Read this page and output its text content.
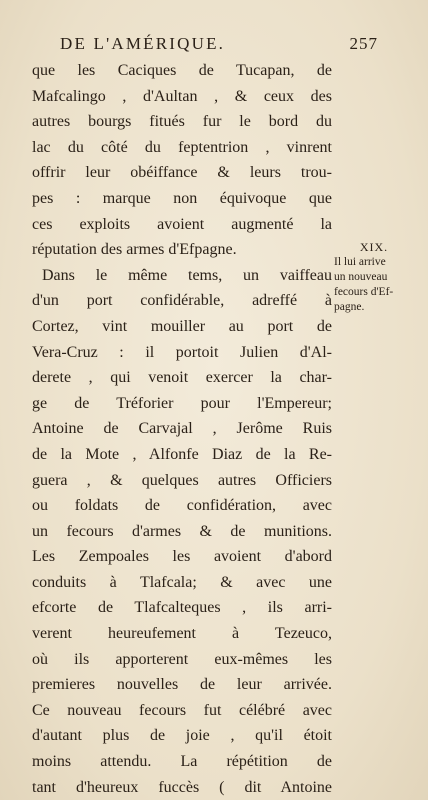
DE L'AMÉRIQUE.	257
que les Caciques de Tucapan, de
Mafcalingo , d'Aultan , & ceux des
autres bourgs fitués fur le bord du
lac du côté du feptentrion , vinrent
offrir leur obéiffance & leurs trou-
pes : marque non équivoque que
ces exploits avoient augmenté la
réputation des armes d'Efpagne.
Dans le même tems, un vaiffeau
d'un port confidérable, adreffé à
Cortez, vint mouiller au port de
Vera-Cruz : il portoit Julien d'Al-
derete , qui venoit exercer la char-
ge de Tréforier pour l'Empereur;
Antoine de Carvajal , Jerôme Ruis
de la Mote , Alfonfe Diaz de la Re-
guera , & quelques autres Officiers
ou foldats de confidération, avec
un fecours d'armes & de munitions.
Les Zempoales les avoient d'abord
conduits à Tlafcala; & avec une
efcorte de Tlafcalteques , ils arri-
verent heureufement à Tezeuco,
où ils apporterent eux-mêmes les
premieres nouvelles de leur arrivée.
Ce nouveau fecours fut célébré avec
d'autant plus de joie , qu'il étoit
moins attendu. La répétition de
tant d'heureux fuccès ( dit Antoine
XIX.
Il lui arrive
un nouveau
fecours d'Ef-
pagne.
